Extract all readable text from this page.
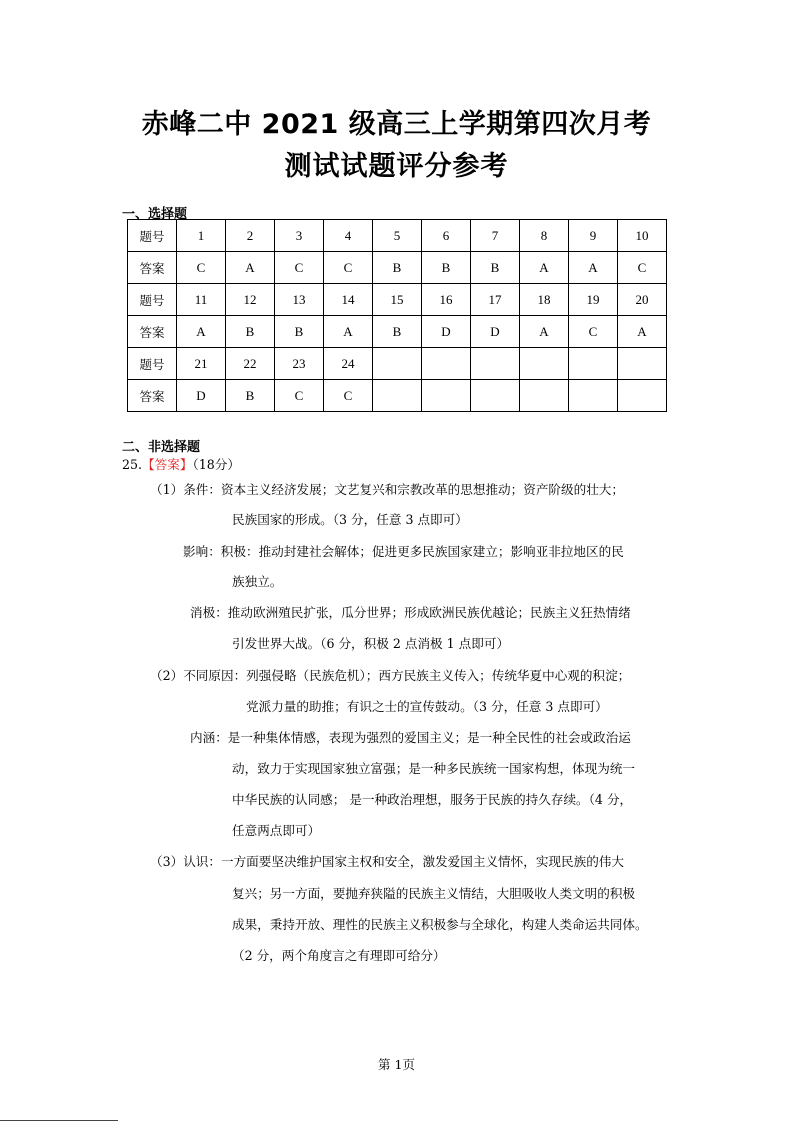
赤峰二中 2021 级高三上学期第四次月考
测试试题评分参考
一、选择题
题号	1	2	3	4	5	6	7	8	9	10
答案	C	A	C	C	B	B	B	A	A	C
题号	11	12	13	14	15	16	17	18	19	20
答案	A	B	B	A	B	D	D	A	C	A
题号	21	22	23	24						
答案	D	B	C	C						
二、非选择题
25.【答案】（18分）
（1）条件：资本主义经济发展；文艺复兴和宗教改革的思想推动；资产阶级的壮大；
民族国家的形成。（3 分，任意 3 点即可）
影响：积极：推动封建社会解体；促进更多民族国家建立；影响亚非拉地区的民
族独立。
消极：推动欧洲殖民扩张，瓜分世界；形成欧洲民族优越论；民族主义狂热情绪
引发世界大战。（6 分，积极 2 点消极 1 点即可）
（2）不同原因：列强侵略（民族危机）；西方民族主义传入；传统华夏中心观的积淀；
党派力量的助推；有识之士的宣传鼓动。（3 分，任意 3 点即可）
内涵：是一种集体情感，表现为强烈的爱国主义；是一种全民性的社会或政治运
动，致力于实现国家独立富强；是一种多民族统一国家构想，体现为统一
中华民族的认同感； 是一种政治理想，服务于民族的持久存续。（4 分，
任意两点即可）
（3）认识：一方面要坚决维护国家主权和安全，激发爱国主义情怀，实现民族的伟大
复兴；另一方面，要抛弃狭隘的民族主义情结，大胆吸收人类文明的积极
成果，秉持开放、理性的民族主义积极参与全球化，构建人类命运共同体。
（2 分，两个角度言之有理即可给分）
第 1页
